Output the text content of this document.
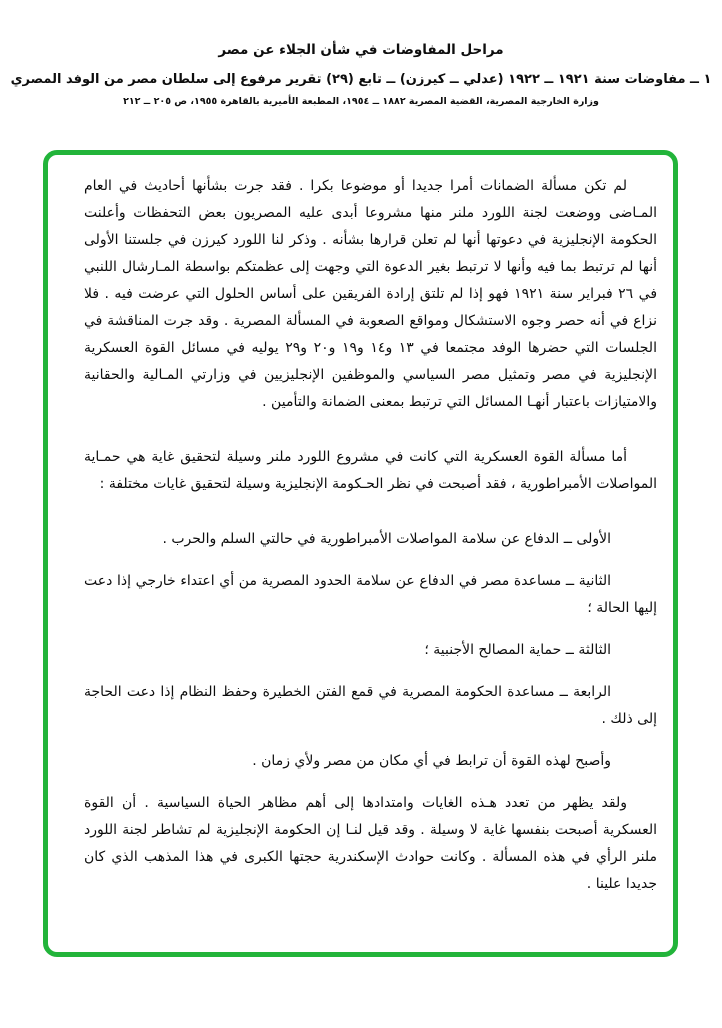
مراحل المفاوضات في شأن الجلاء عن مصر
١ ــ مفاوضات سنة ١٩٢١ ــ ١٩٢٢ (عدلي ــ كيرزن) ــ تابع (٢٩) تقرير مرفوع إلى سلطان مصر من الوفد المصري
وزارة الخارجية المصرية، القضية المصرية ١٨٨٢ ــ ١٩٥٤، المطبعة الأميرية بالقاهرة ١٩٥٥، ص ٢٠٥ ــ ٢١٢

لم تكن مسألة الضمانات أمرا جديدا أو موضوعا بكرا . فقد جرت بشأنها أحاديث في العام المـاضى ووضعت لجنة اللورد ملنر منها مشروعا أبدى عليه المصريون بعض التحفظات وأعلنت الحكومة الإنجليزية في دعوتها أنها لم تعلن قرارها بشأنه . وذكر لنا اللورد كيرزن في جلستنا الأولى أنها لم ترتبط بما فيه وأنها لا ترتبط بغير الدعوة التي وجهت إلى عظمتكم بواسطة المـارشال اللنبي في ٢٦ فبراير سنة ١٩٢١ فهو إذا لم تلتق إرادة الفريقين على أساس الحلول التي عرضت فيه . فلا نزاع في أنه حصر وجوه الاستشكال ومواقع الصعوبة في المسألة المصرية . وقد جرت المناقشة في الجلسات التي حضرها الوفد مجتمعا في ١٣ و١٤ و١٩ و٢٠ و٢٩ يوليه في مسائل القوة العسكرية الإنجليزية في مصر وتمثيل مصر السياسي والموظفين الإنجليزيين في وزارتي المـالية والحقانية والامتيازات باعتبار أنهـا المسائل التي ترتبط بمعنى الضمانة والتأمين .

أما مسألة القوة العسكرية التي كانت في مشروع اللورد ملنر وسيلة لتحقيق غاية هي حمـاية المواصلات الأمبراطورية ، فقد أصبحت في نظر الحـكومة الإنجليزية وسيلة لتحقيق غايات مختلفة :

الأولى ــ الدفاع عن سلامة المواصلات الأمبراطورية في حالتي السلم والحرب .

الثانية ــ مساعدة مصر في الدفاع عن سلامة الحدود المصرية من أي اعتداء خارجي إذا دعت إليها الحالة ؛

الثالثة ــ حماية المصالح الأجنبية ؛

الرابعة ــ مساعدة الحكومة المصرية في قمع الفتن الخطيرة وحفظ النظام إذا دعت الحاجة إلى ذلك .

وأصبح لهذه القوة أن ترابط في أي مكان من مصر ولأي زمان .

ولقد يظهر من تعدد هـذه الغايات وامتدادها إلى أهم مظاهر الحياة السياسية . أن القوة العسكرية أصبحت بنفسها غاية لا وسيلة . وقد قيل لنـا إن الحكومة الإنجليزية لم تشاطر لجنة اللورد ملنر الرأي في هذه المسألة . وكانت حوادث الإسكندرية حجتها الكبرى في هذا المذهب الذي كان جديدا علينا .
